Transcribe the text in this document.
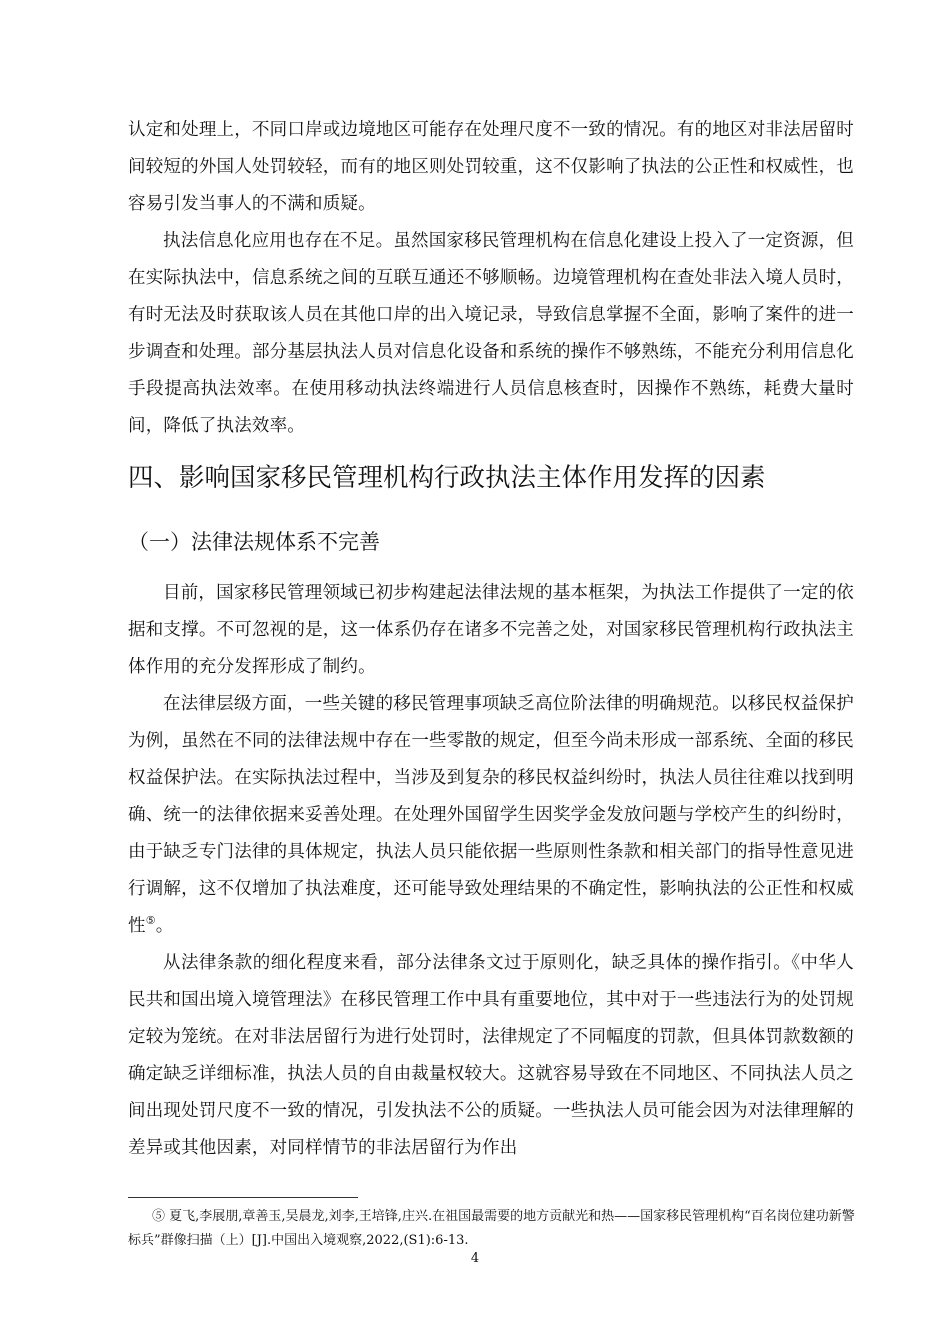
认定和处理上，不同口岸或边境地区可能存在处理尺度不一致的情况。有的地区对非法居留时间较短的外国人处罚较轻，而有的地区则处罚较重，这不仅影响了执法的公正性和权威性，也容易引发当事人的不满和质疑。
执法信息化应用也存在不足。虽然国家移民管理机构在信息化建设上投入了一定资源，但在实际执法中，信息系统之间的互联互通还不够顺畅。边境管理机构在查处非法入境人员时，有时无法及时获取该人员在其他口岸的出入境记录，导致信息掌握不全面，影响了案件的进一步调查和处理。部分基层执法人员对信息化设备和系统的操作不够熟练，不能充分利用信息化手段提高执法效率。在使用移动执法终端进行人员信息核查时，因操作不熟练，耗费大量时间，降低了执法效率。
四、影响国家移民管理机构行政执法主体作用发挥的因素
（一）法律法规体系不完善

目前，国家移民管理领域已初步构建起法律法规的基本框架，为执法工作提供了一定的依据和支撑。不可忽视的是，这一体系仍存在诸多不完善之处，对国家移民管理机构行政执法主体作用的充分发挥形成了制约。

在法律层级方面，一些关键的移民管理事项缺乏高位阶法律的明确规范。以移民权益保护为例，虽然在不同的法律法规中存在一些零散的规定，但至今尚未形成一部系统、全面的移民权益保护法。在实际执法过程中，当涉及到复杂的移民权益纠纷时，执法人员往往难以找到明确、统一的法律依据来妥善处理。在处理外国留学生因奖学金发放问题与学校产生的纠纷时，由于缺乏专门法律的具体规定，执法人员只能依据一些原则性条款和相关部门的指导性意见进行调解，这不仅增加了执法难度，还可能导致处理结果的不确定性，影响执法的公正性和权威性⑤。

从法律条款的细化程度来看，部分法律条文过于原则化，缺乏具体的操作指引。《中华人民共和国出境入境管理法》在移民管理工作中具有重要地位，其中对于一些违法行为的处罚规定较为笼统。在对非法居留行为进行处罚时，法律规定了不同幅度的罚款，但具体罚款数额的确定缺乏详细标准，执法人员的自由裁量权较大。这就容易导致在不同地区、不同执法人员之间出现处罚尺度不一致的情况，引发执法不公的质疑。一些执法人员可能会因为对法律理解的差异或其他因素，对同样情节的非法居留行为作出

⑤ 夏飞,李展朋,章善玉,吴晨龙,刘李,王培锋,庄兴.在祖国最需要的地方贡献光和热——国家移民管理机构“百名岗位建功新警标兵”群像扫描（上）[J].中国出入境观察,2022,(S1):6-13.
4
